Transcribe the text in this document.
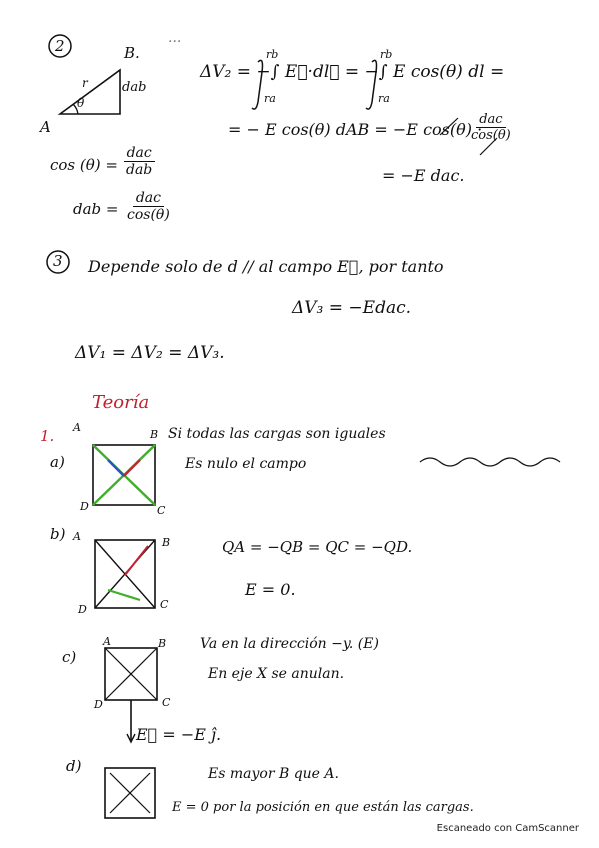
2	...
B.
A
r	dab
θ
ΔV₂ = −∫ E⃗·dl⃗ = −∫ E cos(θ) dl =
rb
ra
rb
ra
= − E cos(θ) dAB = −E cos(θ) ·
dac
cos(θ)
= −E dac.
cos (θ) =
dac
dab
dab =
dac
cos(θ)
3 Depende solo de d // al campo E⃗, por tanto
ΔV₃ = −Edac.
ΔV₁ = ΔV₂ = ΔV₃.
Teoría
1. A
B
D	C
a)
Si todas las cargas son iguales
Es nulo el campo
b) A	B
D	C
QA = −QB = QC = −QD.
E = 0.
c)
A	B
D	C
Va en la dirección −y. (E)
En eje X se anulan.
E⃗ = −E ĵ.
d)	Es mayor B que A.
E = 0 por la posición en que están las cargas.
Escaneado con CamScanner
